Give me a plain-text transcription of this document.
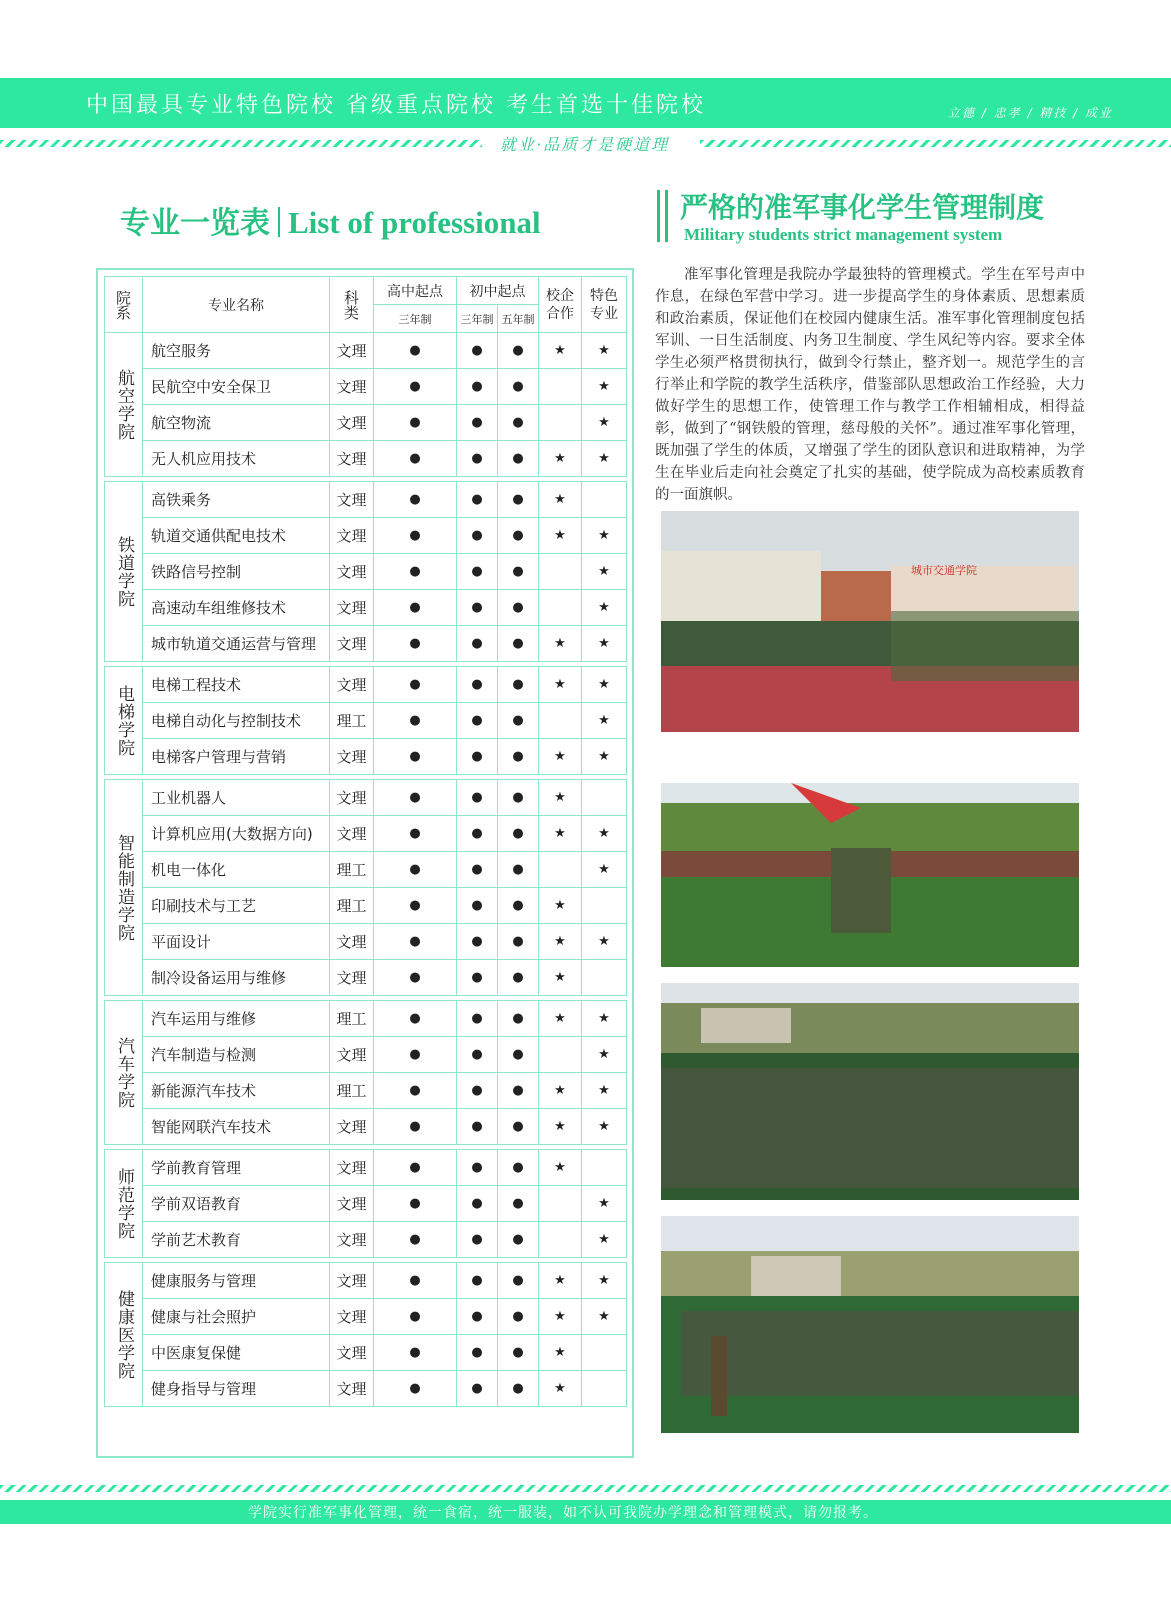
中国最具专业特色院校 省级重点院校 考生首选十佳院校	立德 / 忠孝 / 精技 / 成业
就业·品质才是硬道理
专业一览表 List of professional
院系	专业名称	科类	高中起点	初中起点		校企合作	特色专业
			三年制	三年制	五年制		
航空学院	航空服务	文理	●	●	●	★	★
	民航空中安全保卫	文理	●	●	●		★
	航空物流	文理	●	●	●		★
	无人机应用技术	文理	●	●	●	★	★

铁道学院	高铁乘务	文理	●	●	●	★	
	轨道交通供配电技术	文理	●	●	●	★	★
	铁路信号控制	文理	●	●	●		★
	高速动车组维修技术	文理	●	●	●		★
	城市轨道交通运营与管理	文理	●	●	●	★	★

电梯学院	电梯工程技术	文理	●	●	●	★	★
	电梯自动化与控制技术	理工	●	●	●		★
	电梯客户管理与营销	文理	●	●	●	★	★

智能制造学院	工业机器人	文理	●	●	●	★	
	计算机应用(大数据方向)	文理	●	●	●	★	★
	机电一体化	理工	●	●	●		★
	印刷技术与工艺	理工	●	●	●	★	
	平面设计	文理	●	●	●	★	★
	制冷设备运用与维修	文理	●	●	●	★	

汽车学院	汽车运用与维修	理工	●	●	●	★	★
	汽车制造与检测	文理	●	●	●		★
	新能源汽车技术	理工	●	●	●	★	★
	智能网联汽车技术	文理	●	●	●	★	★

师范学院	学前教育管理	文理	●	●	●	★	
	学前双语教育	文理	●	●	●		★
	学前艺术教育	文理	●	●	●		★

健康医学院	健康服务与管理	文理	●	●	●	★	★
	健康与社会照护	文理	●	●	●	★	★
	中医康复保健	文理	●	●	●	★	
	健身指导与管理	文理	●	●	●	★	
严格的准军事化学生管理制度
Military students strict management system
准军事化管理是我院办学最独特的管理模式。学生在军号声中作息，在绿色军营中学习。进一步提高学生的身体素质、思想素质和政治素质，保证他们在校园内健康生活。准军事化管理制度包括军训、一日生活制度、内务卫生制度、学生风纪等内容。要求全体学生必须严格贯彻执行，做到令行禁止，整齐划一。规范学生的言行举止和学院的教学生活秩序，借鉴部队思想政治工作经验，大力做好学生的思想工作，使管理工作与教学工作相辅相成，相得益彰，做到了“钢铁般的管理，慈母般的关怀”。通过准军事化管理，既加强了学生的体质，又增强了学生的团队意识和进取精神，为学生在毕业后走向社会奠定了扎实的基础，使学院成为高校素质教育的一面旗帜。
城市交通学院
学院实行准军事化管理，统一食宿，统一服装，如不认可我院办学理念和管理模式，请勿报考。
